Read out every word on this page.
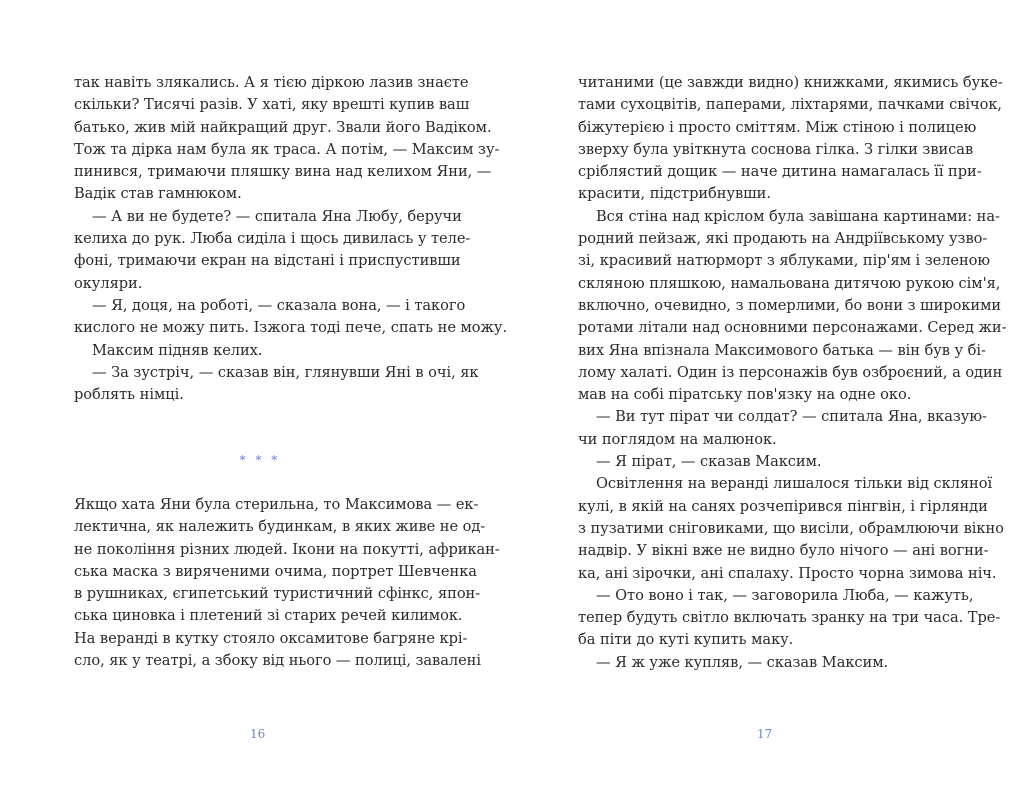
так навіть злякались. А я тією діркою лазив знаєте

скільки? Тисячі разів. У хаті, яку врешті купив ваш

батько, жив мій найкращий друг. Звали його Вадіком.

Тож та дірка нам була як траса. А потім, — Максим зу-

пинився, тримаючи пляшку вина над келихом Яни, —

Вадік став гамнюком.

— А ви не будете? — спитала Яна Любу, беручи

келиха до рук. Люба сиділа і щось дивилась у теле-

фоні, тримаючи екран на відстані і приспустивши

окуляри.

— Я, доця, на роботі, — сказала вона, — і такого

кислого не можу пить. Ізжога тоді пече, спать не можу.

Максим підняв келих.

— За зустріч, — сказав він, глянувши Яні в очі, як

роблять німці.

* * *

Якщо хата Яни була стерильна, то Максимова — ек-

лектична, як належить будинкам, в яких живе не од-

не покоління різних людей. Ікони на покутті, африкан-

ська маска з вирячeними очима, портрет Шевченка

в рушниках, єгипетський туристичний сфінкс, япон-

ська циновка і плетений зі старих речей килимок.

На веранді в кутку стояло оксамитове багряне крі-

сло, як у театрі, а збоку від нього — полиці, завалені

16

читаними (це завжди видно) книжками, якимись буке-

тами сухоцвітів, паперами, ліхтарями, пачками свічок,

біжутерією і просто сміттям. Між стіною і полицею

зверху була увіткнута соснова гілка. З гілки звисав

сріблястий дощик — наче дитина намагалась її при-

красити, підстрибнувши.

Вся стіна над кріслом була завішана картинами: на-

родний пейзаж, які продають на Андріївському узво-

зі, красивий натюрморт з яблуками, пір'ям і зеленою

скляною пляшкою, намальована дитячою рукою сім'я,

включно, очевидно, з померлими, бо вони з широкими

ротами літали над основними персонажами. Серед жи-

вих Яна впізнала Максимового батька — він був у бі-

лому халаті. Один із персонажів був озброєний, а один

мав на собі піратську пов'язку на одне око.

— Ви тут пірат чи солдат? — спитала Яна, вказую-

чи поглядом на малюнок.

— Я пірат, — сказав Максим.

Освітлення на веранді лишалося тільки від скляної

кулі, в якій на санях розчепірився пінгвін, і гірлянди

з пузатими сніговиками, що висіли, обрамлюючи вікно

надвір. У вікні вже не видно було нічого — ані вогни-

ка, ані зірочки, ані спалаху. Просто чорна зимова ніч.

— Ото воно і так, — заговорила Люба, — кажуть,

тепер будуть світло включать зранку на три часа. Тре-

ба піти до куті купить маку.

— Я ж уже купляв, — сказав Максим.

17
